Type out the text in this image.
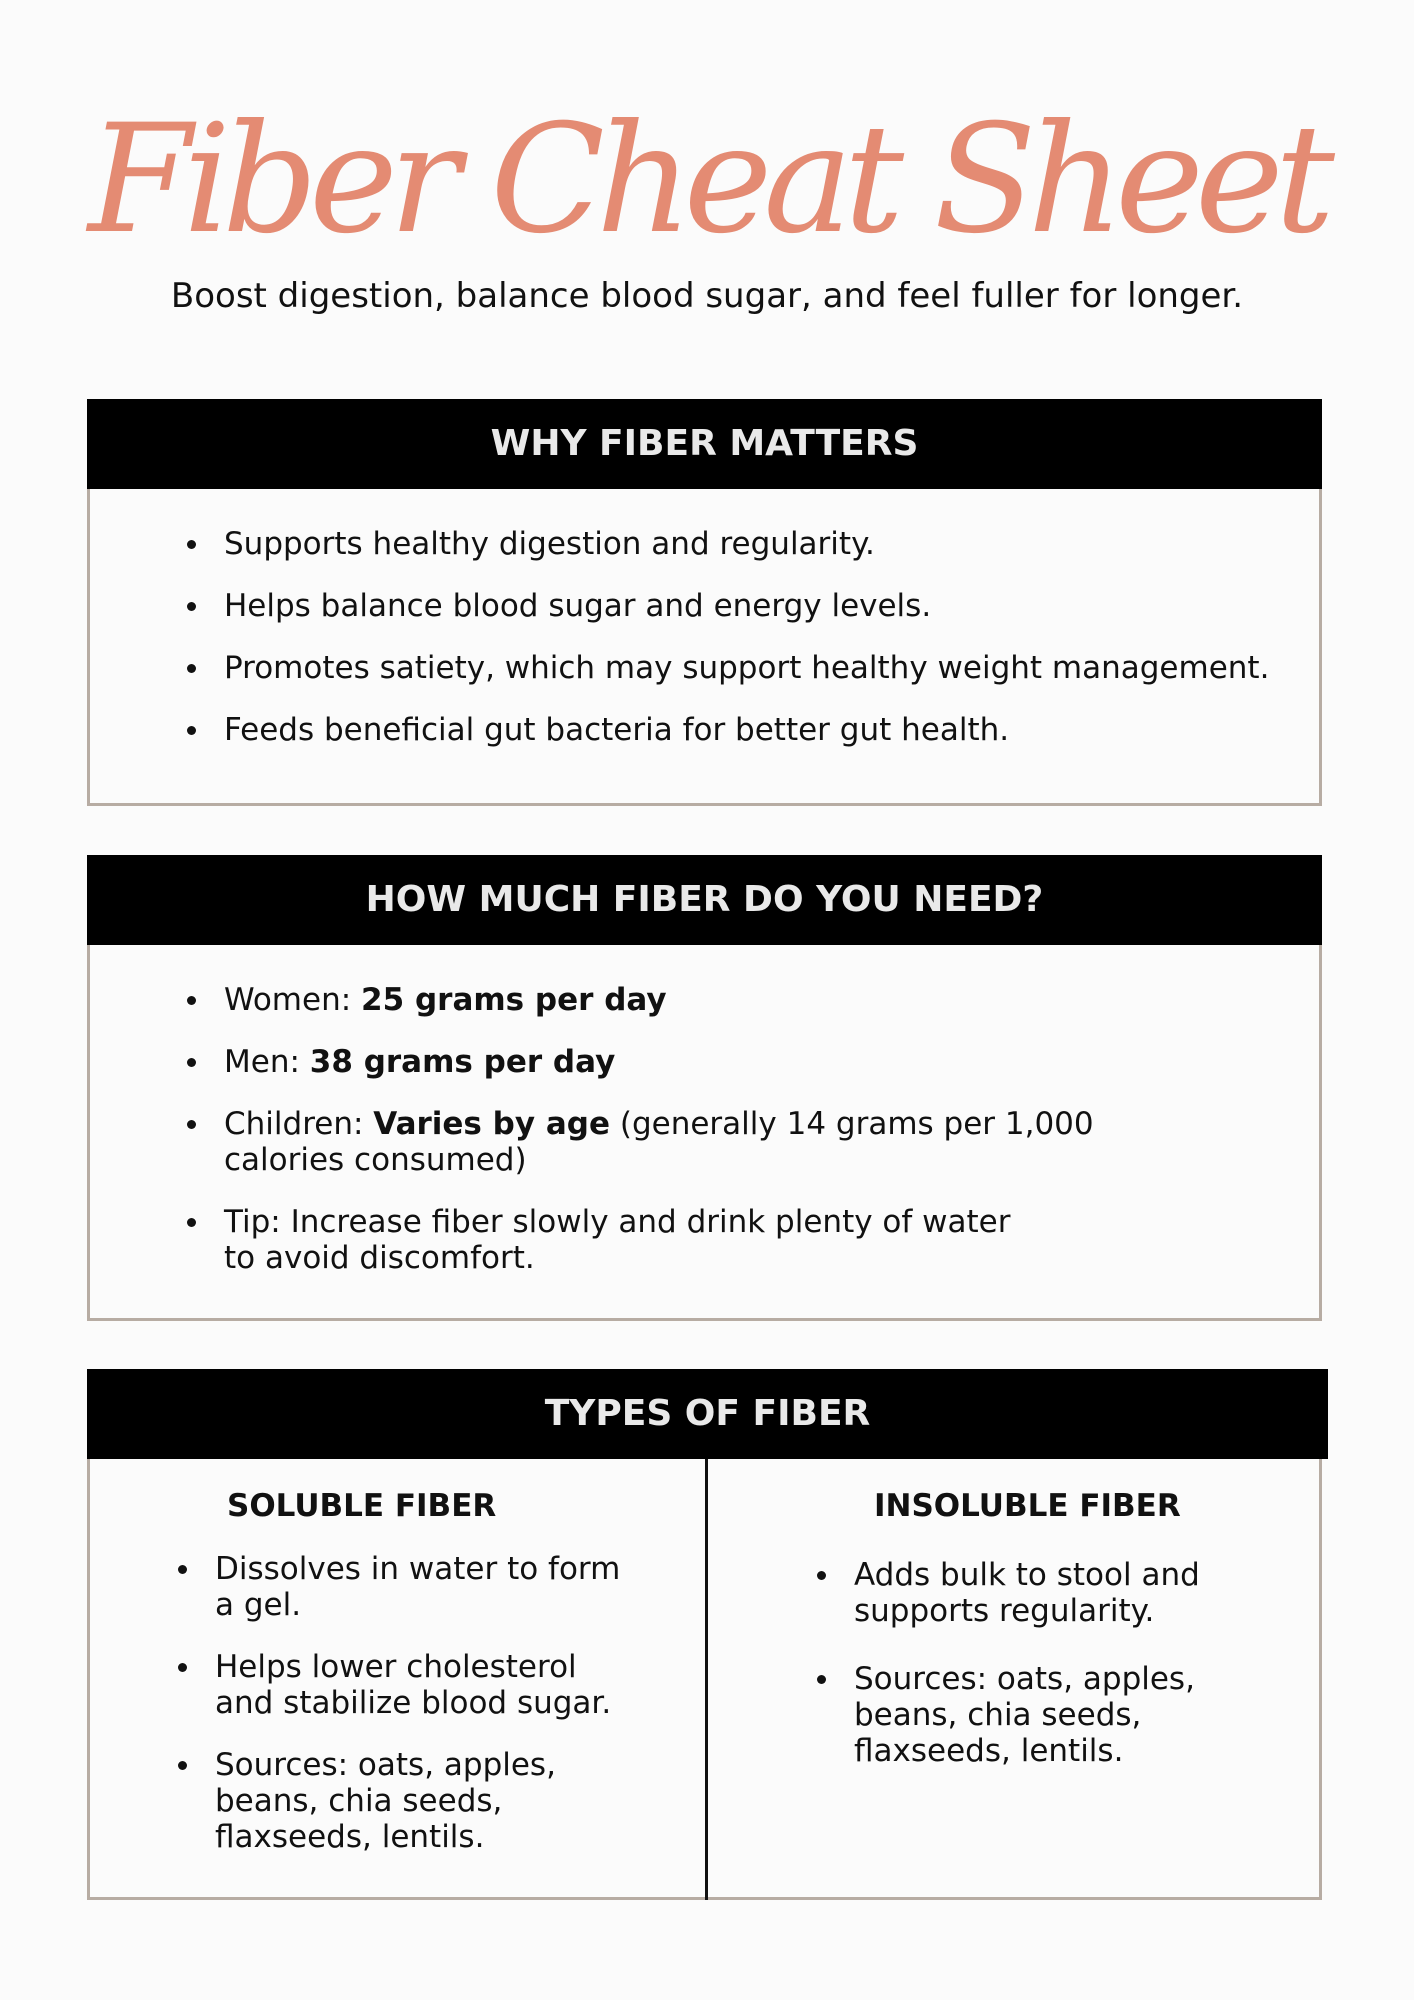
Fiber Cheat Sheet
Boost digestion, balance blood sugar, and feel fuller for longer.
WHY FIBER MATTERS
Supports healthy digestion and regularity.
Helps balance blood sugar and energy levels.
Promotes satiety, which may support healthy weight management.
Feeds beneficial gut bacteria for better gut health.
HOW MUCH FIBER DO YOU NEED?
Women: 25 grams per day
Men: 38 grams per day
Children: Varies by age (generally 14 grams per 1,000 calories consumed)
Tip: Increase fiber slowly and drink plenty of water to avoid discomfort.
TYPES OF FIBER
SOLUBLE FIBER
Dissolves in water to form a gel.
Helps lower cholesterol and stabilize blood sugar.
Sources: oats, apples, beans, chia seeds, flaxseeds, lentils.
INSOLUBLE FIBER
Adds bulk to stool and supports regularity.
Sources: oats, apples, beans, chia seeds, flaxseeds, lentils.
